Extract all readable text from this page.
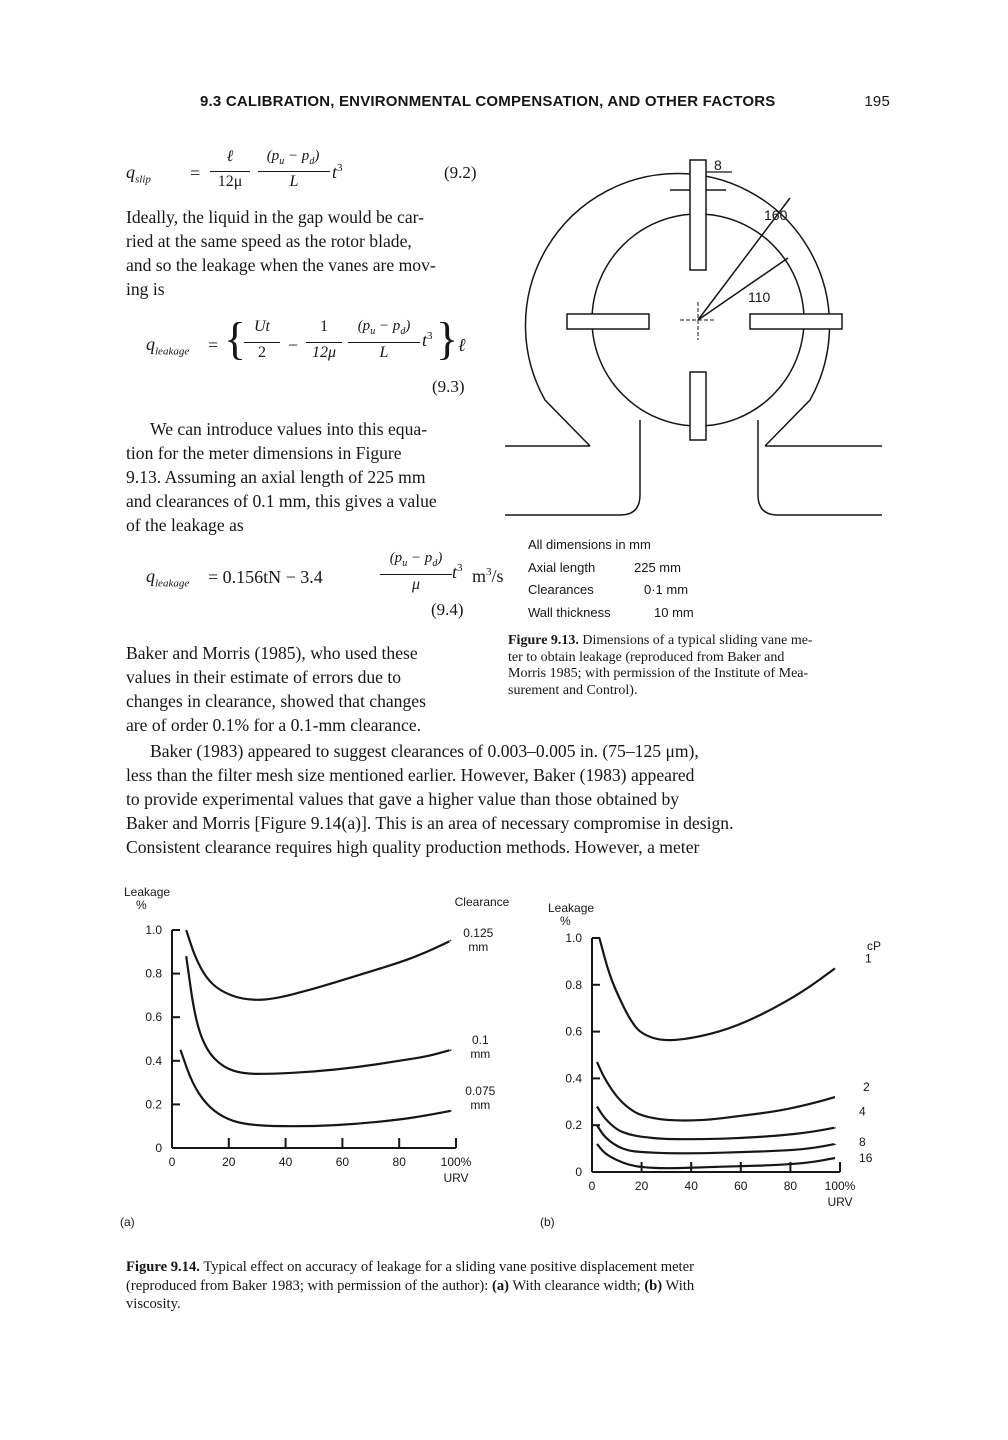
9.3 CALIBRATION, ENVIRONMENTAL COMPENSATION, AND OTHER FACTORS	195
$q_{slip}$ =
ℓ
12μ
$(p_u - p_d)$
L	$t^3$	(9.2)
Ideally, the liquid in the gap would be car-
ried at the same speed as the rotor blade,
and so the leakage when the vanes are mov-
ing is
$q_{leakage}$ = { Ut
2	−
1
12μ
$(p_u - p_d)$
L
$t^3$ } ℓ
(9.3)
We can introduce values into this equa-
tion for the meter dimensions in Figure
9.13. Assuming an axial length of 225 mm
and clearances of 0.1 mm, this gives a value
of the leakage as
$q_{leakage} = 0.156tN - 3.4$
$(p_u - p_d)$
μ
$t^3$ $m^3/s$
(9.4)
Baker and Morris (1985), who used these
values in their estimate of errors due to
changes in clearance, showed that changes
are of order 0.1% for a 0.1-mm clearance.
Baker (1983) appeared to suggest clearances of 0.003–0.005 in. (75–125 μm),
less than the filter mesh size mentioned earlier. However, Baker (1983) appeared
to provide experimental values that gave a higher value than those obtained by
Baker and Morris [Figure 9.14(a)]. This is an area of necessary compromise in design.
Consistent clearance requires high quality production methods. However, a meter
8
160
110
All dimensions in mm
Axial length	225 mm
Clearances	0·1 mm
Wall thickness	10 mm
Figure 9.13. Dimensions of a typical sliding vane me-
ter to obtain leakage (reproduced from Baker and
Morris 1985; with permission of the Institute of Mea-
surement and Control).
0
0.2
0.4
0.6
0.8
1.0
0	20	40	60	80	100%
Leakage
%
URV
Clearance
(a)
0.125
mm
0.1
mm
0.075
mm
0
0.2
0.4
0.6
0.8
1.0
0	20	40	60	80 100%
Leakage
%
URV
cP
(b)
1
2
4
8
16
Figure 9.14. Typical effect on accuracy of leakage for a sliding vane positive displacement meter
(reproduced from Baker 1983; with permission of the author): (a) With clearance width; (b) With
viscosity.
